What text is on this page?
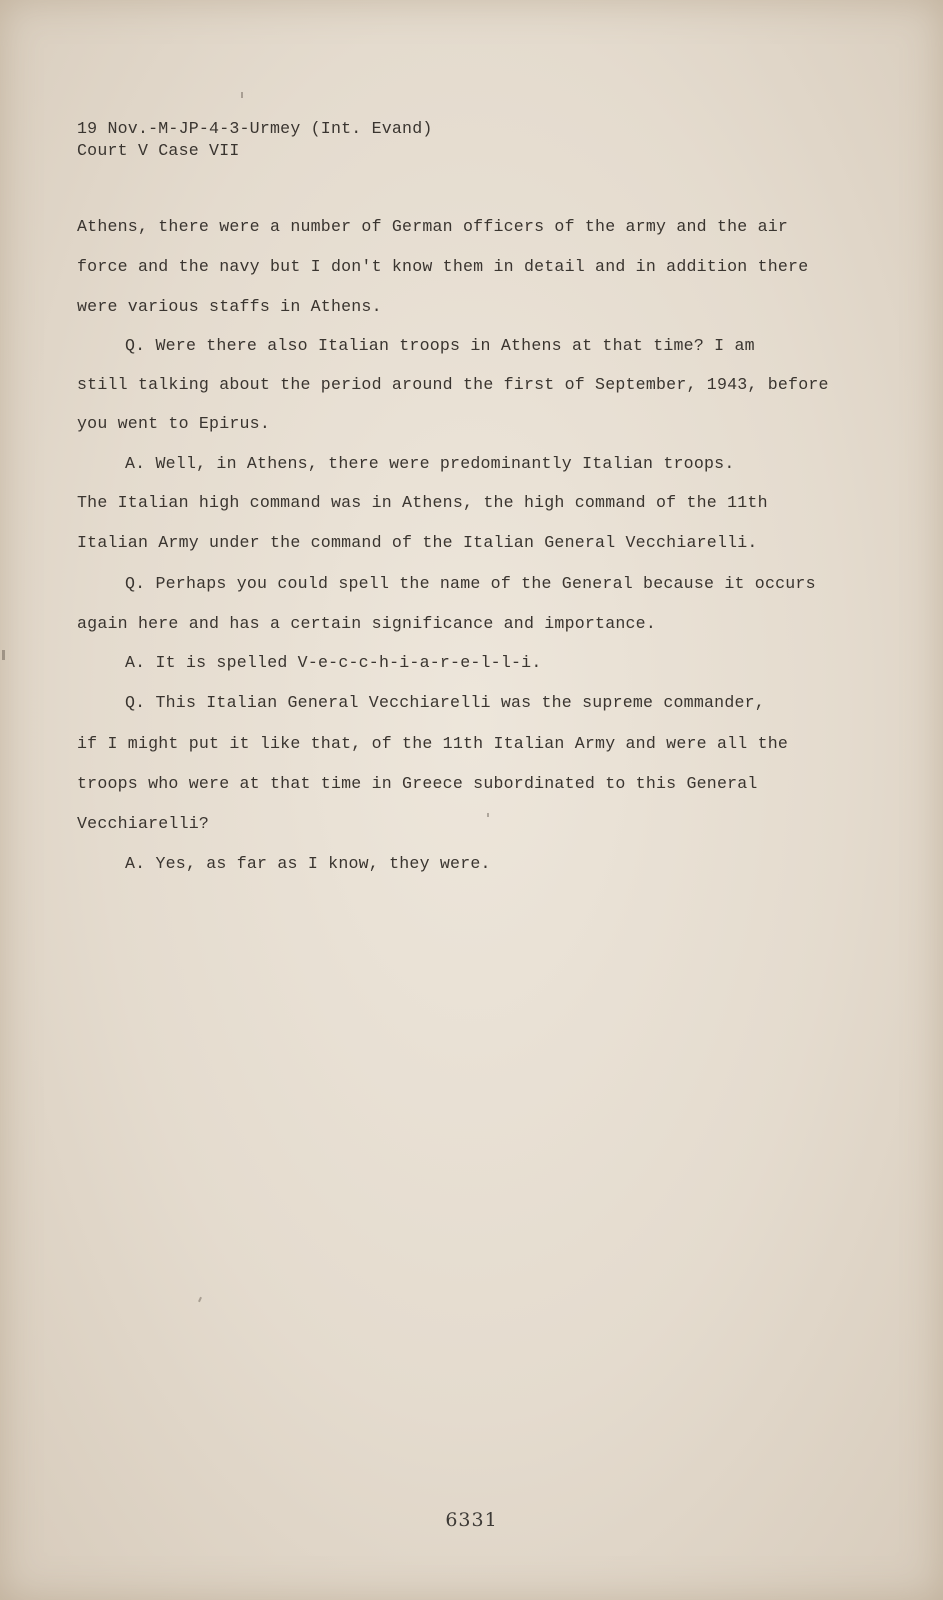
19 Nov.-M-JP-4-3-Urmey (Int. Evand)
Court V Case VII
Athens, there were a number of German officers of the army and the air
force and the navy but I don't know them in detail and in addition there
were various staffs in Athens.
Q. Were there also Italian troops in Athens at that time? I am
still talking about the period around the first of September, 1943, before
you went to Epirus.
A. Well, in Athens, there were predominantly Italian troops.
The Italian high command was in Athens, the high command of the 11th
Italian Army under the command of the Italian General Vecchiarelli.
Q. Perhaps you could spell the name of the General because it occurs
again here and has a certain significance and importance.
A. It is spelled V-e-c-c-h-i-a-r-e-l-l-i.
Q. This Italian General Vecchiarelli was the supreme commander,
if I might put it like that, of the 11th Italian Army and were all the
troops who were at that time in Greece subordinated to this General
Vecchiarelli?
A. Yes, as far as I know, they were.
6331
